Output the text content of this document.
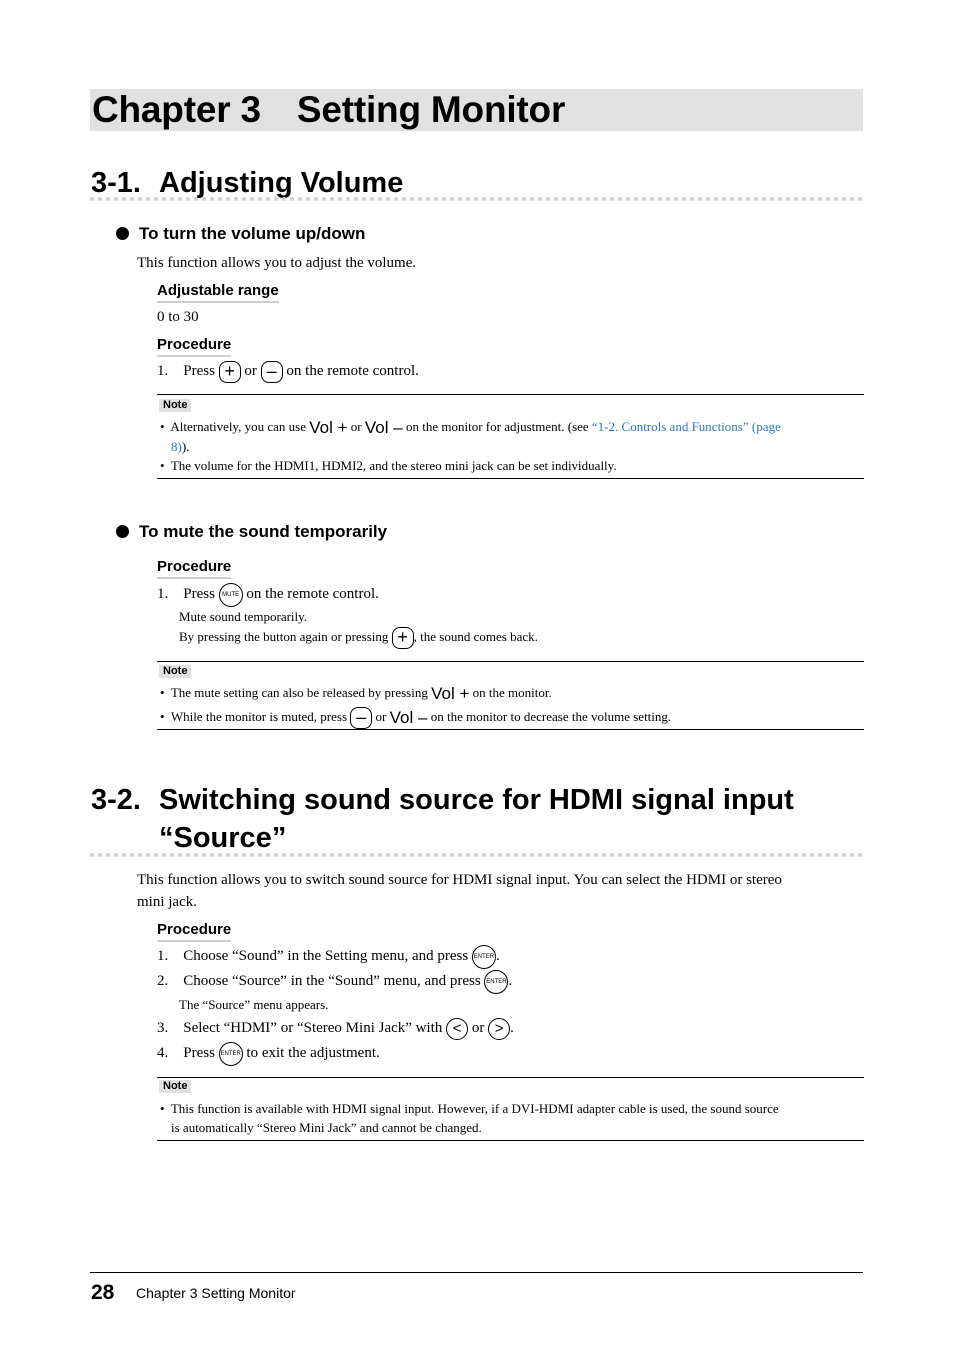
Chapter 3 Setting Monitor
3-1. Adjusting Volume
To turn the volume up/down
This function allows you to adjust the volume.
Adjustable range
0 to 30
Procedure
1. Press + or – on the remote control.
Note
• Alternatively, you can use Vol + or Vol – on the monitor for adjustment. (see “1-2. Controls and Functions” (page
8)).
• The volume for the HDMI1, HDMI2, and the stereo mini jack can be set individually.
To mute the sound temporarily
Procedure
1. Press MUTE on the remote control.
Mute sound temporarily.
By pressing the button again or pressing + , the sound comes back.
Note
• The mute setting can also be released by pressing Vol + on the monitor.
• While the monitor is muted, press – or Vol – on the monitor to decrease the volume setting.
3-2. Switching sound source for HDMI signal input
“Source”
This function allows you to switch sound source for HDMI signal input. You can select the HDMI or stereo
mini jack.
Procedure
1. Choose “Sound” in the Setting menu, and press ENTER .
2. Choose “Source” in the “Sound” menu, and press ENTER .
The “Source” menu appears.
3. Select “HDMI” or “Stereo Mini Jack” with < or > .
4. Press ENTER to exit the adjustment.
Note
• This function is available with HDMI signal input. However, if a DVI-HDMI adapter cable is used, the sound source
is automatically “Stereo Mini Jack” and cannot be changed.
28 Chapter 3 Setting Monitor
